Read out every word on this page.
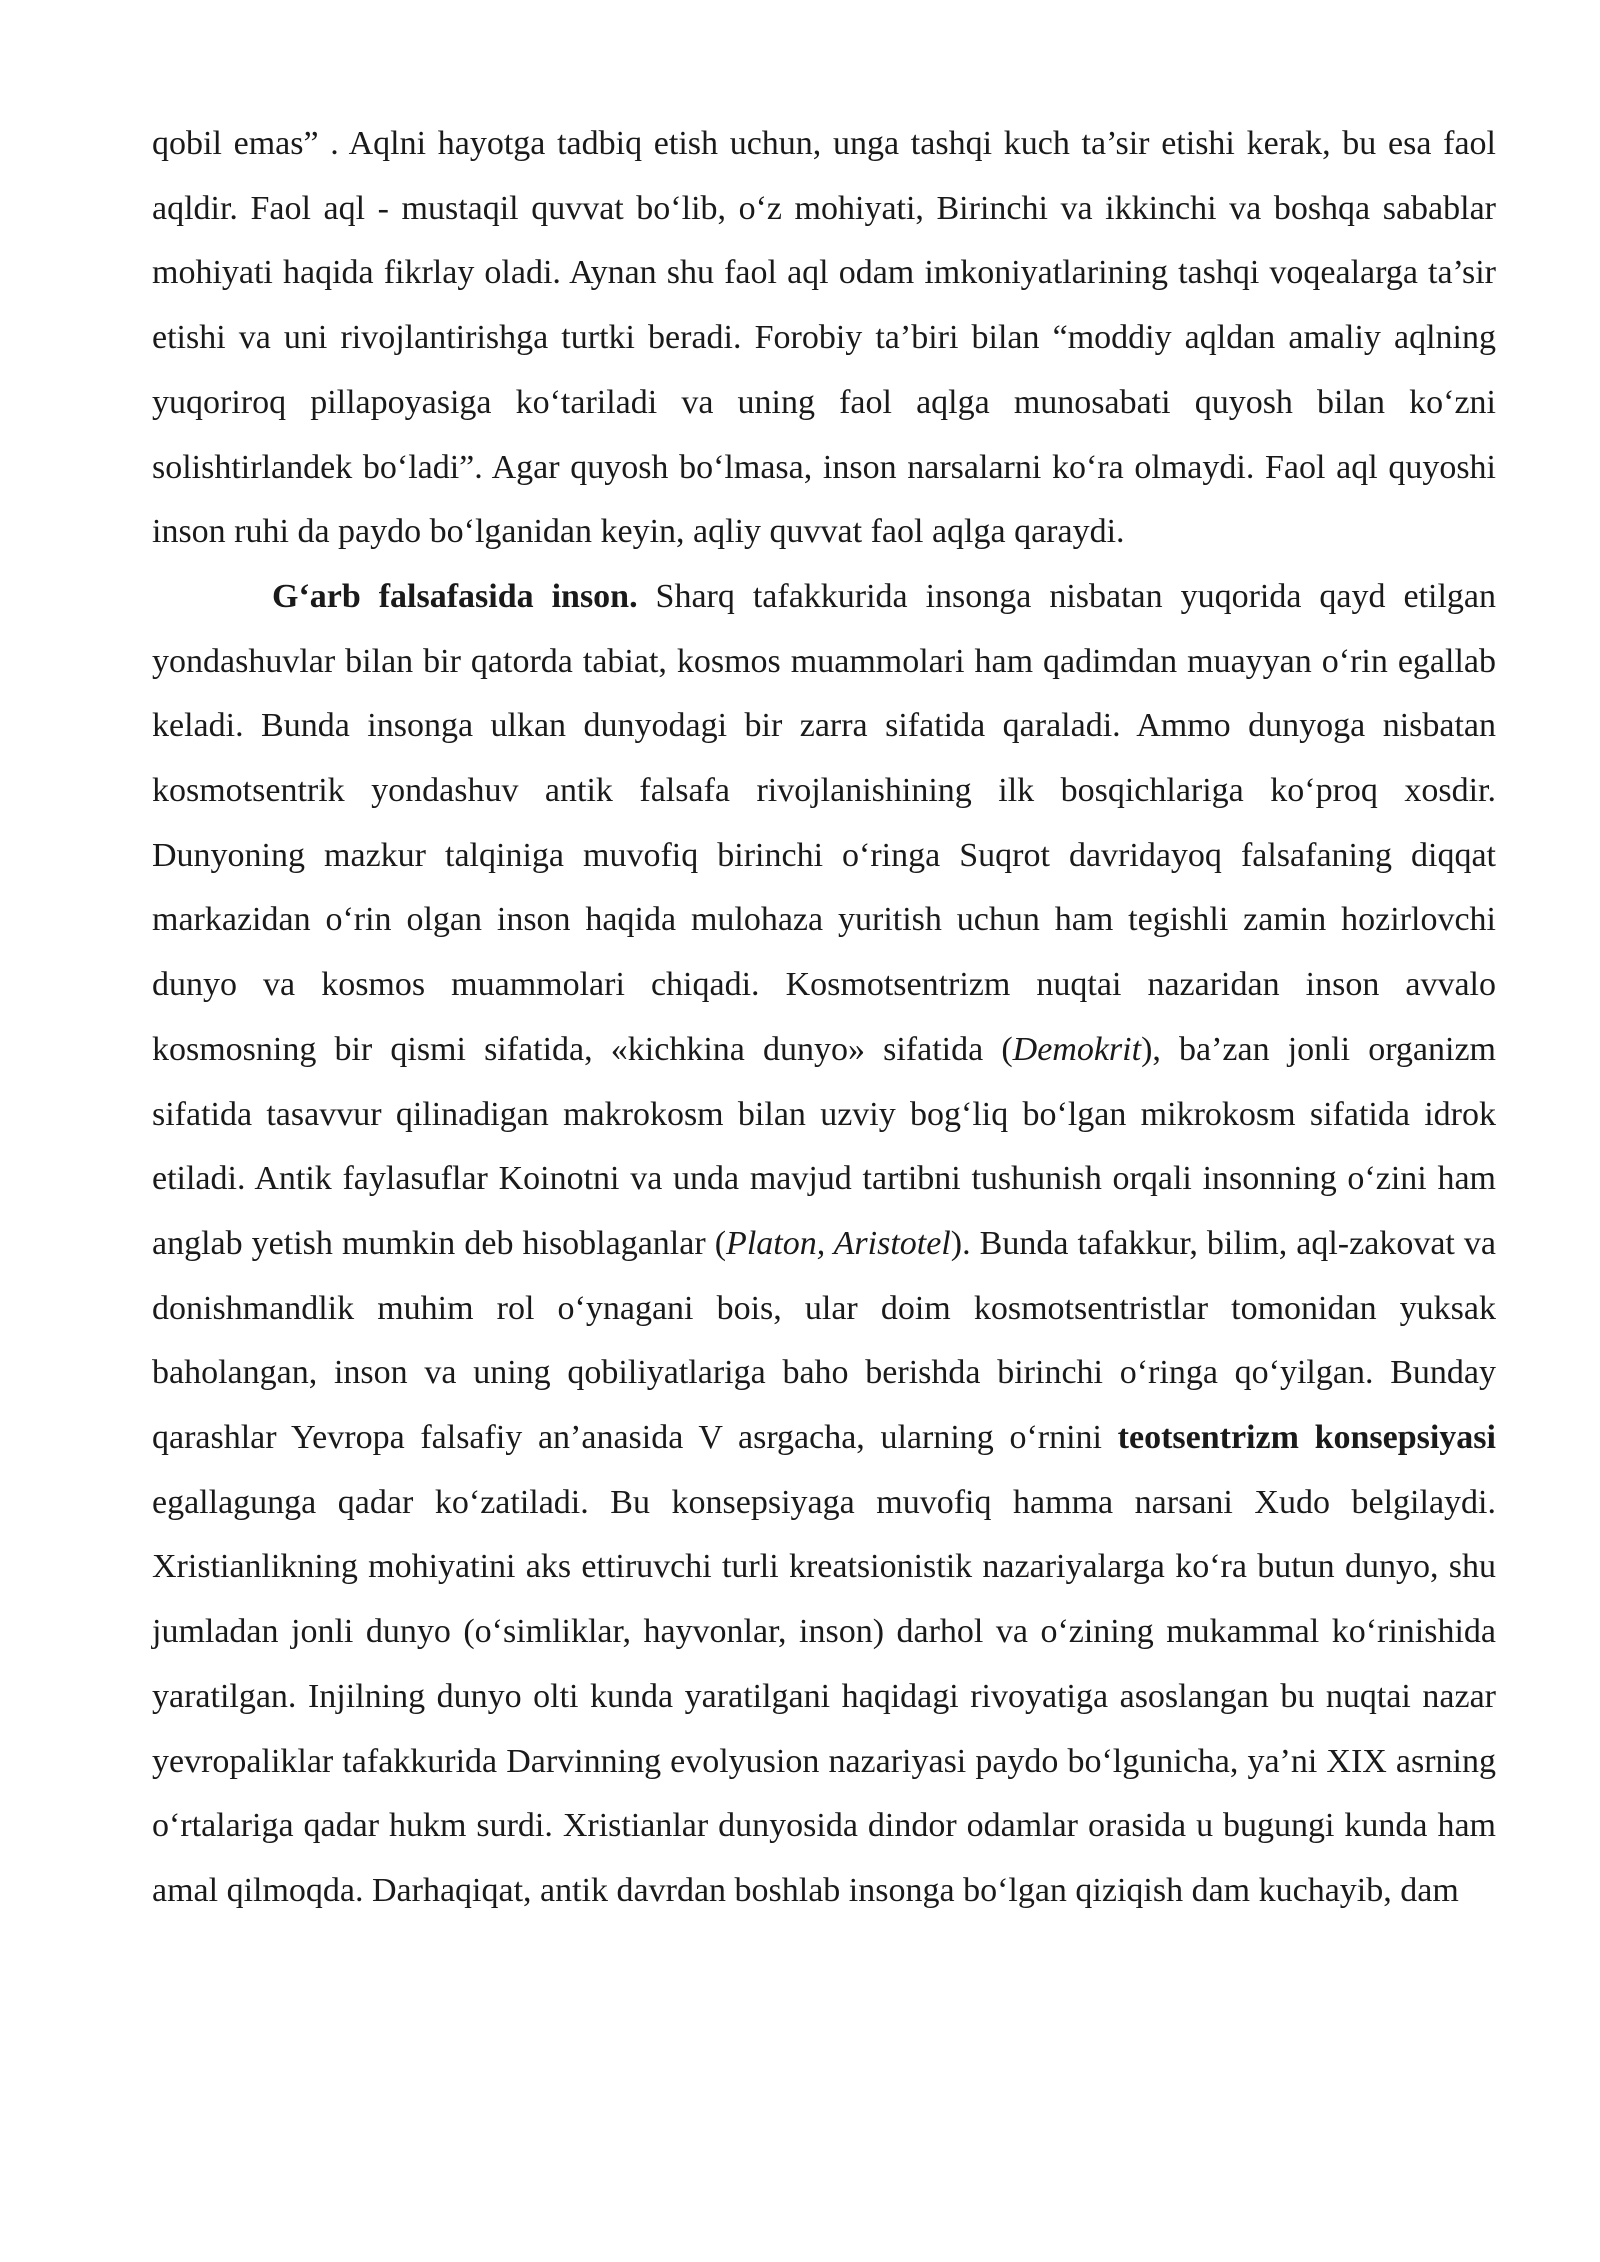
qobil emas” . Aqlni hayotga tadbiq etish uchun, unga tashqi kuch ta’sir etishi kerak, bu esa faol aqldir. Faol aql - mustaqil quvvat bo‘lib, o‘z mohiyati, Birinchi va ikkinchi va boshqa sabablar mohiyati haqida fikrlay oladi. Aynan shu faol aql odam imkoniyatlarining tashqi voqealarga ta’sir etishi va uni rivojlantirishga turtki beradi. Forobiy ta’biri bilan “moddiy aqldan amaliy aqlning yuqoriroq pillapoyasiga ko‘tariladi va uning faol aqlga munosabati quyosh bilan ko‘zni solishtirlandek bo‘ladi”. Agar quyosh bo‘lmasa, inson narsalarni ko‘ra olmaydi. Faol aql quyoshi inson ruhi da paydo bo‘lganidan keyin, aqliy quvvat faol aqlga qaraydi.

G‘arb falsafasida inson. Sharq tafakkurida insonga nisbatan yuqorida qayd etilgan yondashuvlar bilan bir qatorda tabiat, kosmos muammolari ham qadimdan muayyan o‘rin egallab keladi. Bunda insonga ulkan dunyodagi bir zarra sifatida qaraladi. Ammo dunyoga nisbatan kosmotsentrik yondashuv antik falsafa rivojlanishining ilk bosqichlariga ko‘proq xosdir. Dunyoning mazkur talqiniga muvofiq birinchi o‘ringa Suqrot davridayoq falsafaning diqqat markazidan o‘rin olgan inson haqida mulohaza yuritish uchun ham tegishli zamin hozirlovchi dunyo va kosmos muammolari chiqadi. Kosmotsentrizm nuqtai nazaridan inson avvalo kosmosning bir qismi sifatida, «kichkina dunyo» sifatida (Demokrit), ba’zan jonli organizm sifatida tasavvur qilinadigan makrokosm bilan uzviy bog‘liq bo‘lgan mikrokosm sifatida idrok etiladi. Antik faylasuflar Koinotni va unda mavjud tartibni tushunish orqali insonning o‘zini ham anglab yetish mumkin deb hisoblaganlar (Platon, Aristotel). Bunda tafakkur, bilim, aql-zakovat va donishmandlik muhim rol o‘ynagani bois, ular doim kosmotsentristlar tomonidan yuksak baholangan, inson va uning qobiliyatlariga baho berishda birinchi o‘ringa qo‘yilgan. Bunday qarashlar Yevropa falsafiy an’anasida V asrgacha, ularning o‘rnini teotsentrizm konsepsiyasi egallagunga qadar ko‘zatiladi. Bu konsepsiyaga muvofiq hamma narsani Xudo belgilaydi. Xristianlikning mohiyatini aks ettiruvchi turli kreatsionistik nazariyalarga ko‘ra butun dunyo, shu jumladan jonli dunyo (o‘simliklar, hayvonlar, inson) darhol va o‘zining mukammal ko‘rinishida yaratilgan. Injilning dunyo olti kunda yaratilgani haqidagi rivoyatiga asoslangan bu nuqtai nazar yevropaliklar tafakkurida Darvinning evolyusion nazariyasi paydo bo‘lgunicha, ya’ni XIX asrning o‘rtalariga qadar hukm surdi. Xristianlar dunyosida dindor odamlar orasida u bugungi kunda ham amal qilmoqda. Darhaqiqat, antik davrdan boshlab insonga bo‘lgan qiziqish dam kuchayib, dam
